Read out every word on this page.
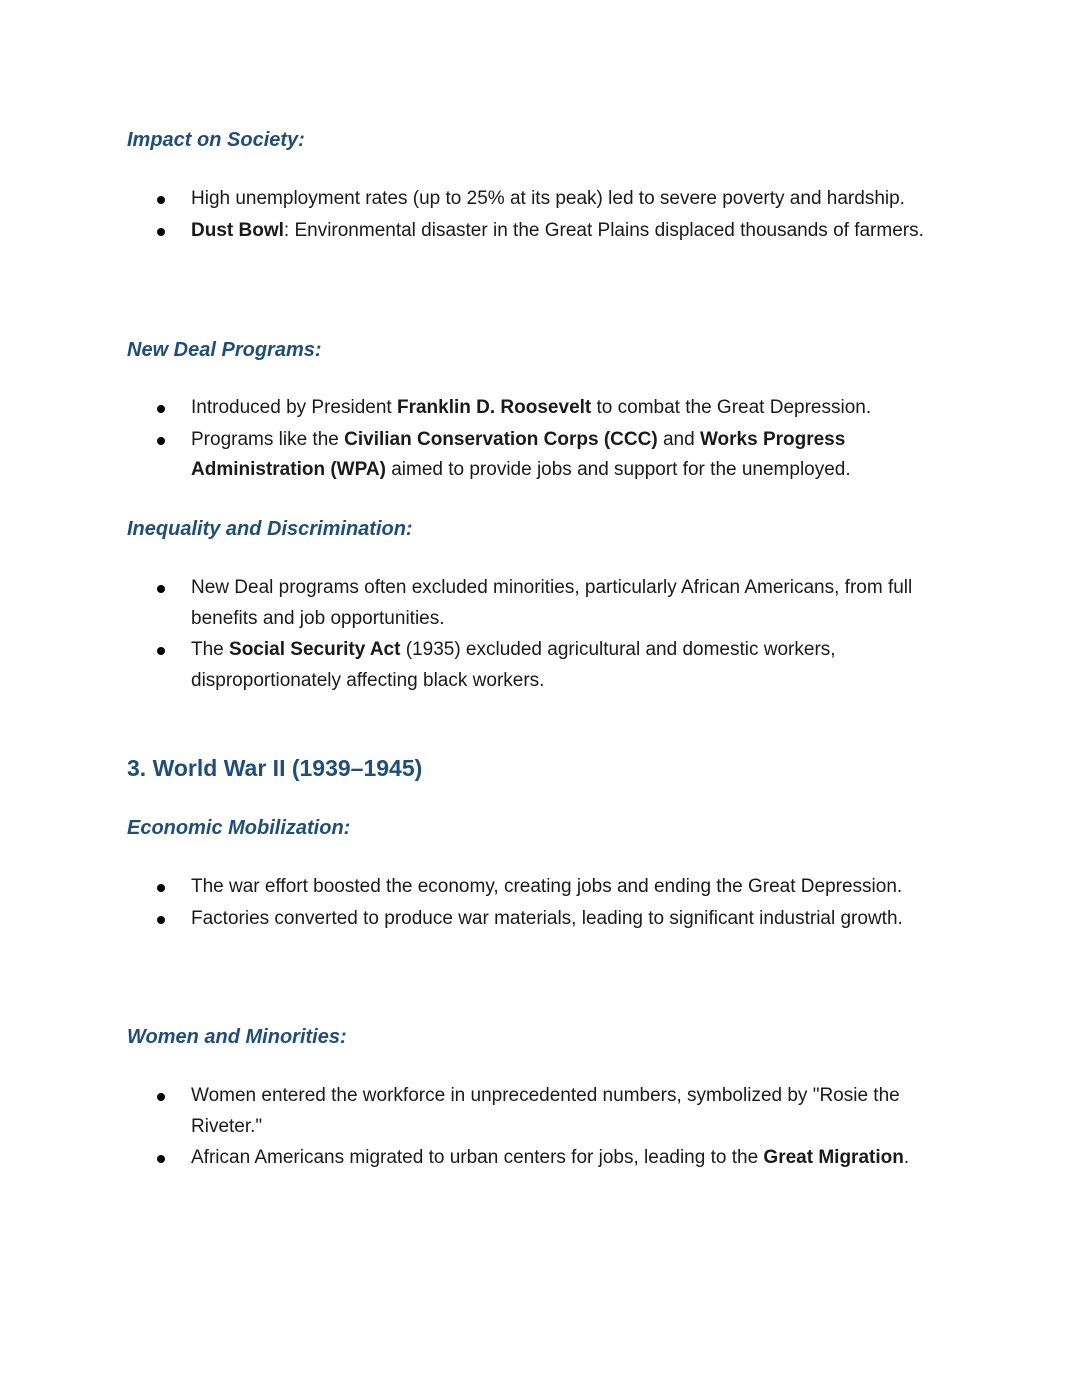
Impact on Society:
High unemployment rates (up to 25% at its peak) led to severe poverty and hardship.
Dust Bowl: Environmental disaster in the Great Plains displaced thousands of farmers.
New Deal Programs:
Introduced by President Franklin D. Roosevelt to combat the Great Depression.
Programs like the Civilian Conservation Corps (CCC) and Works Progress Administration (WPA) aimed to provide jobs and support for the unemployed.
Inequality and Discrimination:
New Deal programs often excluded minorities, particularly African Americans, from full benefits and job opportunities.
The Social Security Act (1935) excluded agricultural and domestic workers, disproportionately affecting black workers.
3. World War II (1939–1945)
Economic Mobilization:
The war effort boosted the economy, creating jobs and ending the Great Depression.
Factories converted to produce war materials, leading to significant industrial growth.
Women and Minorities:
Women entered the workforce in unprecedented numbers, symbolized by "Rosie the Riveter."
African Americans migrated to urban centers for jobs, leading to the Great Migration.
